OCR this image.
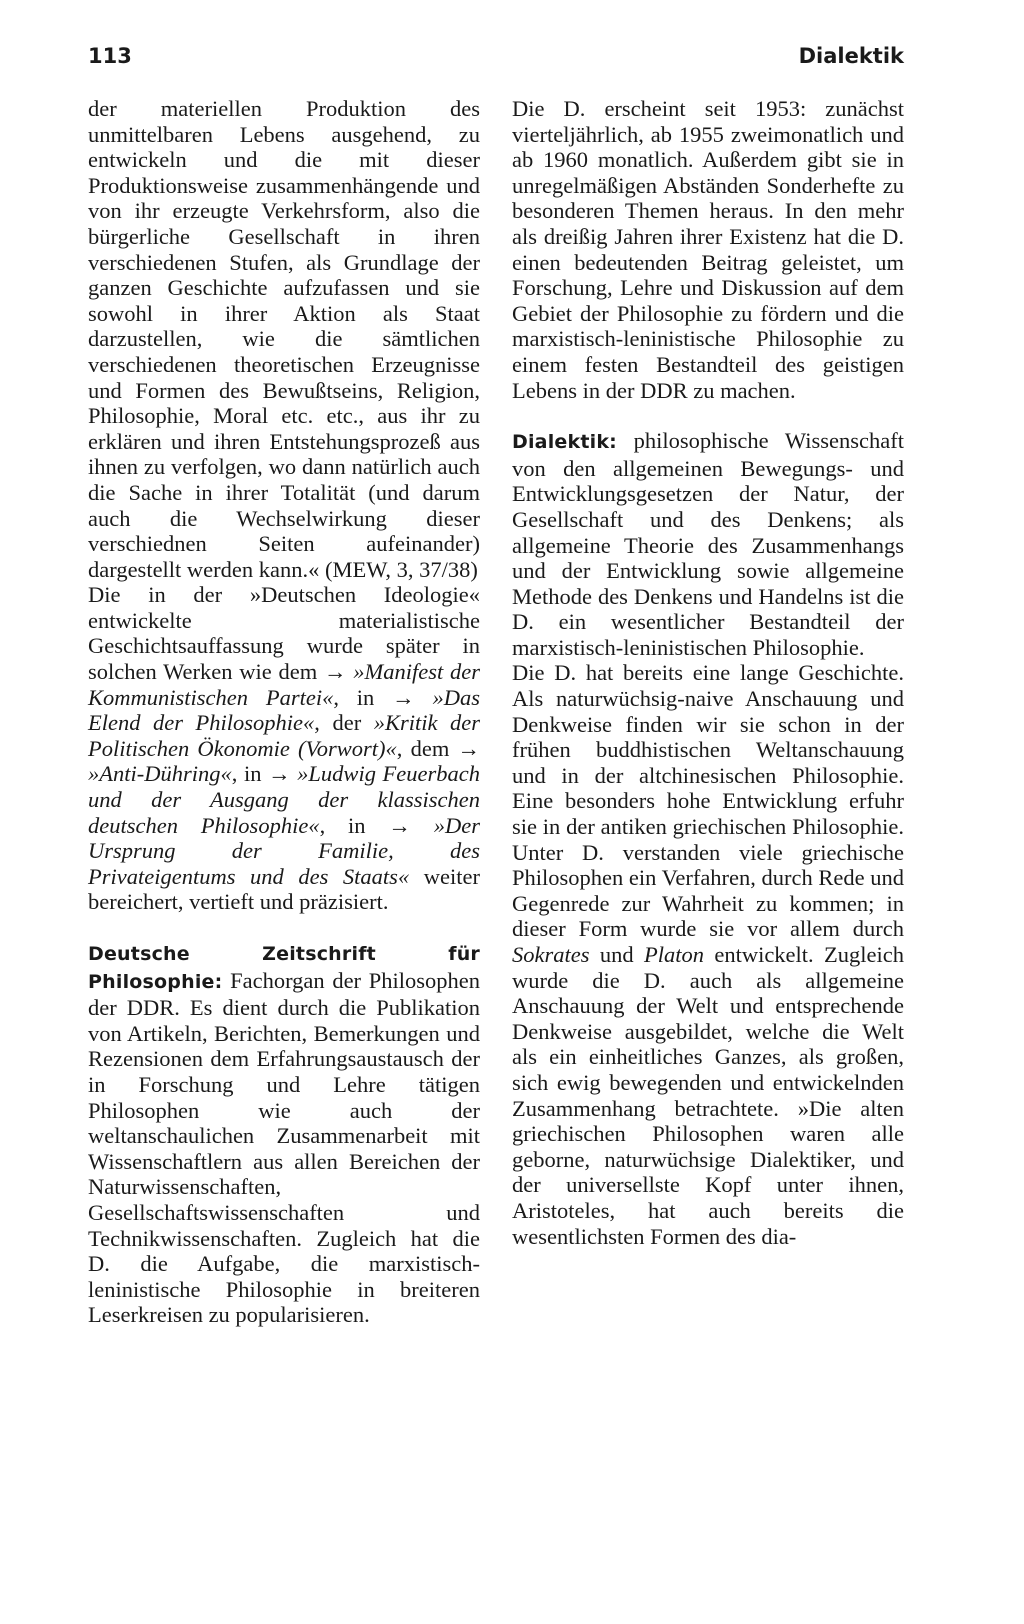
113	Dialektik

der materiellen Produktion des unmittelbaren Lebens ausgehend, zu entwickeln und die mit dieser Produktionsweise zusammenhängende und von ihr erzeugte Verkehrsform, also die bürgerliche Gesellschaft in ihren verschiedenen Stufen, als Grundlage der ganzen Geschichte aufzufassen und sie sowohl in ihrer Aktion als Staat darzustellen, wie die sämtlichen verschiedenen theoretischen Erzeugnisse und Formen des Bewußtseins, Religion, Philosophie, Moral etc. etc., aus ihr zu erklären und ihren Entstehungsprozeß aus ihnen zu verfolgen, wo dann natürlich auch die Sache in ihrer Totalität (und darum auch die Wechselwirkung dieser verschiednen Seiten aufeinander) dargestellt werden kann.« (MEW, 3, 37/38)

Die in der »Deutschen Ideologie« entwickelte materialistische Geschichtsauffassung wurde später in solchen Werken wie dem → »Manifest der Kommunistischen Partei«, in → »Das Elend der Philosophie«, der »Kritik der Politischen Ökonomie (Vorwort)«, dem → »Anti-Dühring«, in → »Ludwig Feuerbach und der Ausgang der klassischen deutschen Philosophie«, in → »Der Ursprung der Familie, des Privateigentums und des Staats« weiter bereichert, vertieft und präzisiert.

Deutsche Zeitschrift für Philosophie: Fachorgan der Philosophen der DDR. Es dient durch die Publikation von Artikeln, Berichten, Bemerkungen und Rezensionen dem Erfahrungsaustausch der in Forschung und Lehre tätigen Philosophen wie auch der weltanschaulichen Zusammenarbeit mit Wissenschaftlern aus allen Bereichen der Naturwissenschaften, Gesellschaftswissenschaften und Technikwissenschaften. Zugleich hat die D. die Aufgabe, die marxistisch-leninistische Philosophie in breiteren Leserkreisen zu popularisieren.

Die D. erscheint seit 1953: zunächst vierteljährlich, ab 1955 zweimonatlich und ab 1960 monatlich. Außerdem gibt sie in unregelmäßigen Abständen Sonderhefte zu besonderen Themen heraus. In den mehr als dreißig Jahren ihrer Existenz hat die D. einen bedeutenden Beitrag geleistet, um Forschung, Lehre und Diskussion auf dem Gebiet der Philosophie zu fördern und die marxistisch-leninistische Philosophie zu einem festen Bestandteil des geistigen Lebens in der DDR zu machen.

Dialektik: philosophische Wissenschaft von den allgemeinen Bewegungs- und Entwicklungsgesetzen der Natur, der Gesellschaft und des Denkens; als allgemeine Theorie des Zusammenhangs und der Entwicklung sowie allgemeine Methode des Denkens und Handelns ist die D. ein wesentlicher Bestandteil der marxistisch-leninistischen Philosophie.

Die D. hat bereits eine lange Geschichte. Als naturwüchsig-naive Anschauung und Denkweise finden wir sie schon in der frühen buddhistischen Weltanschauung und in der altchinesischen Philosophie. Eine besonders hohe Entwicklung erfuhr sie in der antiken griechischen Philosophie. Unter D. verstanden viele griechische Philosophen ein Verfahren, durch Rede und Gegenrede zur Wahrheit zu kommen; in dieser Form wurde sie vor allem durch Sokrates und Platon entwickelt. Zugleich wurde die D. auch als allgemeine Anschauung der Welt und entsprechende Denkweise ausgebildet, welche die Welt als ein einheitliches Ganzes, als großen, sich ewig bewegenden und entwickelnden Zusammenhang betrachtete. »Die alten griechischen Philosophen waren alle geborne, naturwüchsige Dialektiker, und der universellste Kopf unter ihnen, Aristoteles, hat auch bereits die wesentlichsten Formen des dia-
